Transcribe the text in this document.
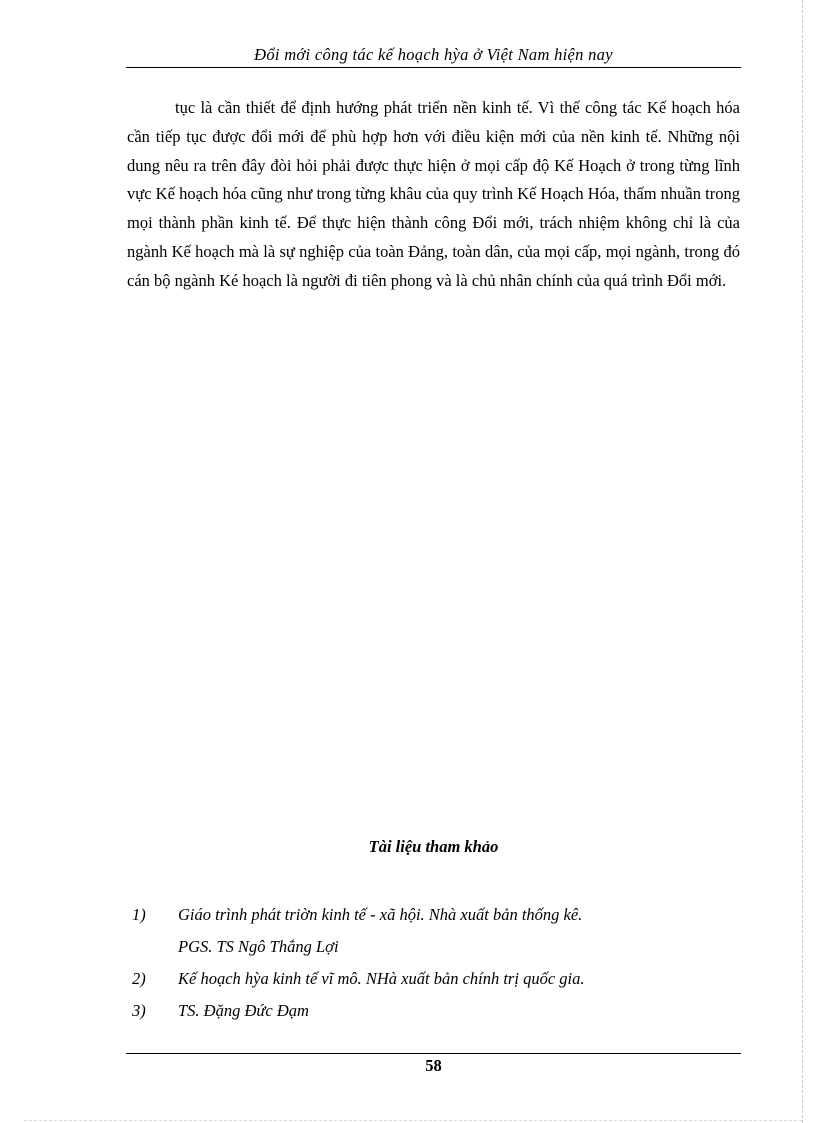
Đổi mới công tác kế hoạch hỳa ở Việt Nam hiện nay

tục là cần thiết để định hướng phát triển nền kinh tế. Vì thế công tác Kế hoạch hóa cần tiếp tục được đổi mới để phù hợp hơn với điều kiện mới của nền kinh tế. Những nội dung nêu ra trên đây đòi hỏi phải được thực hiện ở mọi cấp độ Kế Hoạch ở trong từng lĩnh vực Kế hoạch hóa cũng như trong từng khâu của quy trình Kế Hoạch Hóa, thấm nhuần trong mọi thành phần kinh tế. Để thực hiện thành công Đổi mới, trách nhiệm không chỉ là của ngành Kế hoạch mà là sự nghiệp của toàn Đảng, toàn dân, của mọi cấp, mọi ngành, trong đó cán bộ ngành Ké hoạch là người đi tiên phong và là chủ nhân chính của quá trình Đổi mới.

Tài liệu tham khảo
1)	Giáo trình phát triờn kinh tế - xã hội. Nhà xuất bản thống kê.
PGS. TS Ngô Thắng Lợi
2)	Kế hoạch hỳa kinh tế vĩ mô. NHà xuất bản chính trị quốc gia.
3)	TS. Đặng Đức Đạm
58
